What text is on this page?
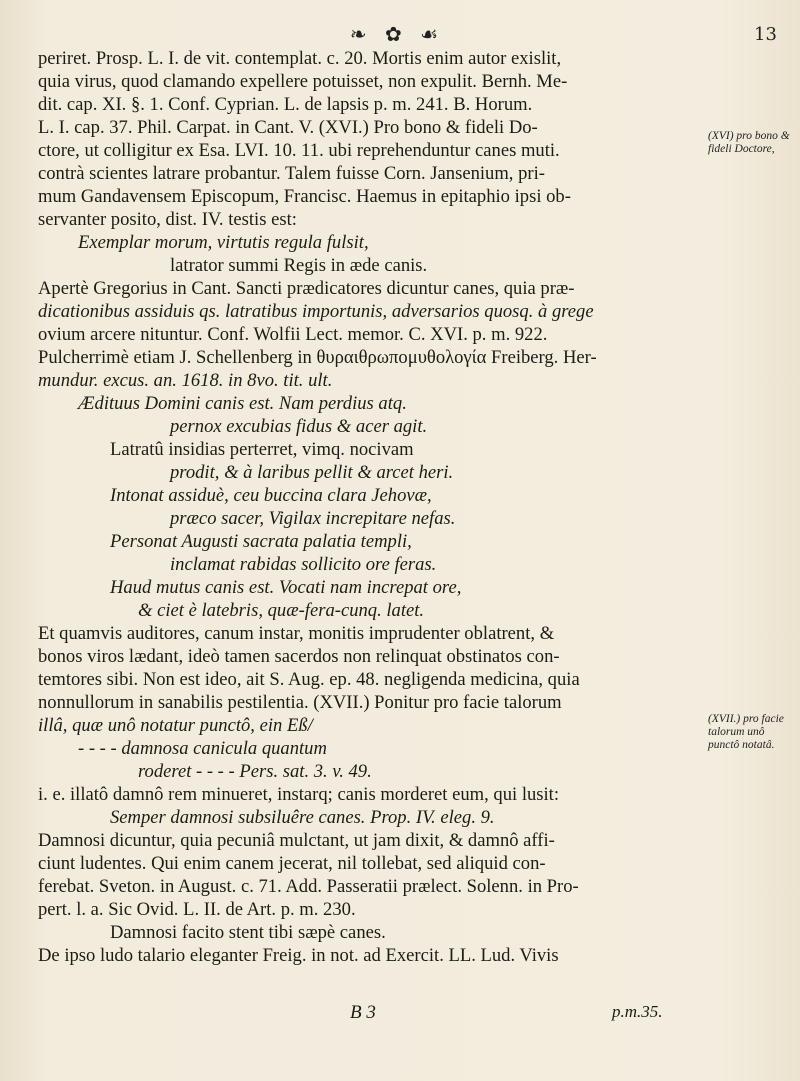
❧ ✿ ☙	13
periret. Prosp. L. I. de vit. contemplat. c. 20. Mortis enim autor exislit,
quia virus, quod clamando expellere potuisset, non expulit. Bernh. Me-
dit. cap. XI. §. 1. Conf. Cyprian. L. de lapsis p. m. 241. B. Horum.
L. I. cap. 37. Phil. Carpat. in Cant. V. (XVI.) Pro bono & fideli Do-
ctore, ut colligitur ex Esa. LVI. 10. 11. ubi reprehenduntur canes muti.
contrà scientes latrare probantur. Talem fuisse Corn. Jansenium, pri-
mum Gandavensem Episcopum, Francisc. Haemus in epitaphio ipsi ob-
servanter posito, dist. IV. testis est:
Exemplar morum, virtutis regula fulsit,
latrator summi Regis in æde canis.
Apertè Gregorius in Cant. Sancti prædicatores dicuntur canes, quia præ-
dicationibus assiduis qs. latratibus importunis, adversarios quosq. à grege
ovium arcere nituntur. Conf. Wolfii Lect. memor. C. XVI. p. m. 922.
Pulcherrimè etiam J. Schellenberg in θυραιθρωπομυθολογία Freiberg. Her-
mundur. excus. an. 1618. in 8vo. tit. ult.
Ædituus Domini canis est. Nam perdius atq.
pernox excubias fidus & acer agit.
Latratû insidias perterret, vimq. nocivam
prodit, & à laribus pellit & arcet heri.
Intonat assiduè, ceu buccina clara Jehovæ,
præco sacer, Vigilax increpitare nefas.
Personat Augusti sacrata palatia templi,
inclamat rabidas sollicito ore feras.
Haud mutus canis est. Vocati nam increpat ore,
& ciet è latebris, quæ-fera-cunq. latet.
Et quamvis auditores, canum instar, monitis imprudenter oblatrent, &
bonos viros lædant, ideò tamen sacerdos non relinquat obstinatos con-
temtores sibi. Non est ideo, ait S. Aug. ep. 48. negligenda medicina, quia
nonnullorum in sanabilis pestilentia. (XVII.) Ponitur pro facie talorum
illâ, quæ unô notatur punctô, ein Eß/
- - - - damnosa canicula quantum
roderet - - - - Pers. sat. 3. v. 49.
i. e. illatô damnô rem minueret, instarq; canis morderet eum, qui lusit:
Semper damnosi subsiluêre canes. Prop. IV. eleg. 9.
Damnosi dicuntur, quia pecuniâ mulctant, ut jam dixit, & damnô affi-
ciunt ludentes. Qui enim canem jecerat, nil tollebat, sed aliquid con-
ferebat. Sveton. in August. c. 71. Add. Passeratii prælect. Solenn. in Pro-
pert. l. a. Sic Ovid. L. II. de Art. p. m. 230.
Damnosi facito stent tibi sæpè canes.
De ipso ludo talario eleganter Freig. in not. ad Exercit. LL. Lud. Vivis
(XVI) pro bono & fideli Doctore,
(XVII.) pro facie talorum unô punctô notatâ.
B 3	p.m.35.
